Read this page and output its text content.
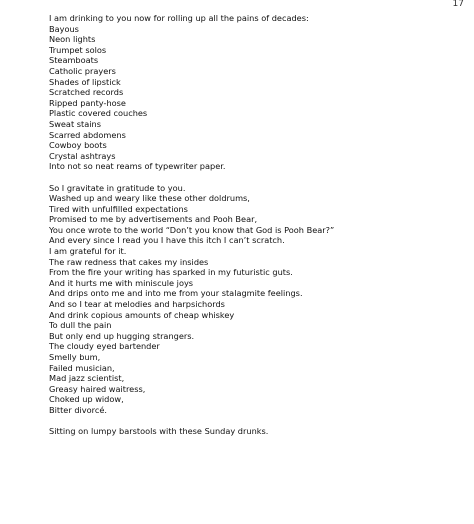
17
I am drinking to you now for rolling up all the pains of decades:
Bayous
Neon lights
Trumpet solos
Steamboats
Catholic prayers
Shades of lipstick
Scratched records
Ripped panty-hose
Plastic covered couches
Sweat stains
Scarred abdomens
Cowboy boots
Crystal ashtrays
Into not so neat reams of typewriter paper.
So I gravitate in gratitude to you.
Washed up and weary like these other doldrums,
Tired with unfulfilled expectations
Promised to me by advertisements and Pooh Bear,
You once wrote to the world “Don’t you know that God is Pooh Bear?”
And every since I read you I have this itch I can’t scratch.
I am grateful for it.
The raw redness that cakes my insides
From the fire your writing has sparked in my futuristic guts.
And it hurts me with miniscule joys
And drips onto me and into me from your stalagmite feelings.
And so I tear at melodies and harpsichords
And drink copious amounts of cheap whiskey
To dull the pain
But only end up hugging strangers.
The cloudy eyed bartender
Smelly bum,
Failed musician,
Mad jazz scientist,
Greasy haired waitress,
Choked up widow,
Bitter divorcé.
Sitting on lumpy barstools with these Sunday drunks.
